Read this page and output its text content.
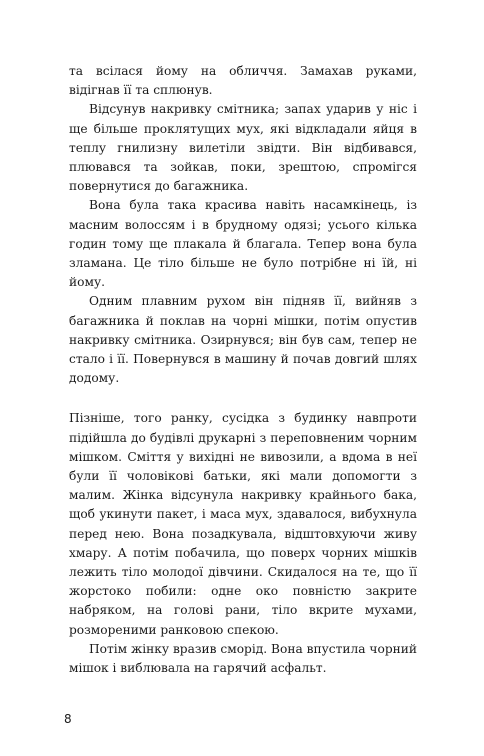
та всілася йому на обличчя. Замахав руками, відігнав її та сплюнув.

Відсунув накривку смітника; запах ударив у ніс і ще більше проклятущих мух, які відкладали яйця в теплу гнилизну вилетіли звідти. Він відбивався, плювався та зойкав, поки, зрештою, спромігся повернутися до багажника.

Вона була така красива навіть насамкінець, із масним волоссям і в брудному одязі; усього кілька годин тому ще плакала й благала. Тепер вона була зламана. Це тіло більше не було потрібне ні їй, ні йому.

Одним плавним рухом він підняв її, вийняв з багажника й поклав на чорні мішки, потім опустив накривку смітника. Озирнувся; він був сам, тепер не стало і її. Повернувся в машину й почав довгий шлях додому.

Пізніше, того ранку, сусідка з будинку навпроти підійшла до будівлі друкарні з переповненим чорним мішком. Сміття у вихідні не вивозили, а вдома в неї були її чоловікові батьки, які мали допомогти з малим. Жінка відсунула накривку крайнього бака, щоб укинути пакет, і маса мух, здавалося, вибухнула перед нею. Вона позадкувала, відштовхуючи живу хмару. А потім побачила, що поверх чорних мішків лежить тіло молодої дівчини. Скидалося на те, що її жорстоко побили: одне око повністю закрите набряком, на голові рани, тіло вкрите мухами, розмореними ранковою спекою.

Потім жінку вразив сморід. Вона впустила чорний мішок і виблювала на гарячий асфальт.

8
